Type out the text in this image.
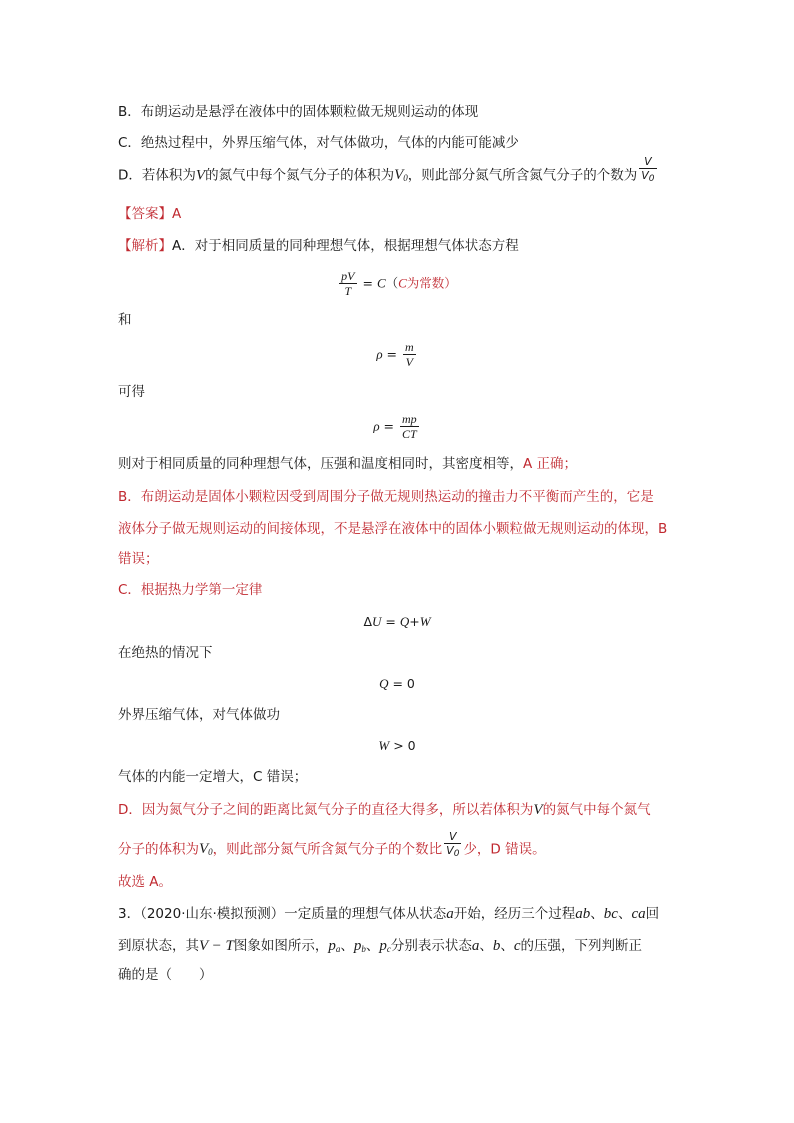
B．布朗运动是悬浮在液体中的固体颗粒做无规则运动的体现
C．绝热过程中，外界压缩气体，对气体做功，气体的内能可能减少
D．若体积为V的氮气中每个氮气分子的体积为$V_0$，则此部分氮气所含氮气分子的个数为 $\frac{V}{V_0}$
【答案】A
【解析】A．对于相同质量的同种理想气体，根据理想气体状态方程
$\frac{pV}{T} = C(C$为常数）
和
$\rho = \frac{m}{V}$
可得
$\rho = \frac{mp}{CT}$
则对于相同质量的同种理想气体，压强和温度相同时，其密度相等，A 正确；
B．布朗运动是固体小颗粒因受到周围分子做无规则热运动的撞击力不平衡而产生的，它是
液体分子做无规则运动的间接体现，不是悬浮在液体中的固体小颗粒做无规则运动的体现，B
错误；
C．根据热力学第一定律
ΔU = Q+W
在绝热的情况下
Q = 0
外界压缩气体，对气体做功
W > 0
气体的内能一定增大，C 错误；
D．因为氮气分子之间的距离比氮气分子的直径大得多，所以若体积为V的氮气中每个氮气
分子的体积为$V_0$，则此部分氮气所含氮气分子的个数比 $\frac{V}{V_0}$ 少，D 错误。
故选 A。
3．（2020·山东·模拟预测）一定质量的理想气体从状态a开始，经历三个过程ab、bc、ca回
到原状态，其V − T图象如图所示，$p_a$、$p_b$、$p_c$分别表示状态a、b、c的压强，下列判断正
确的是（　　）
